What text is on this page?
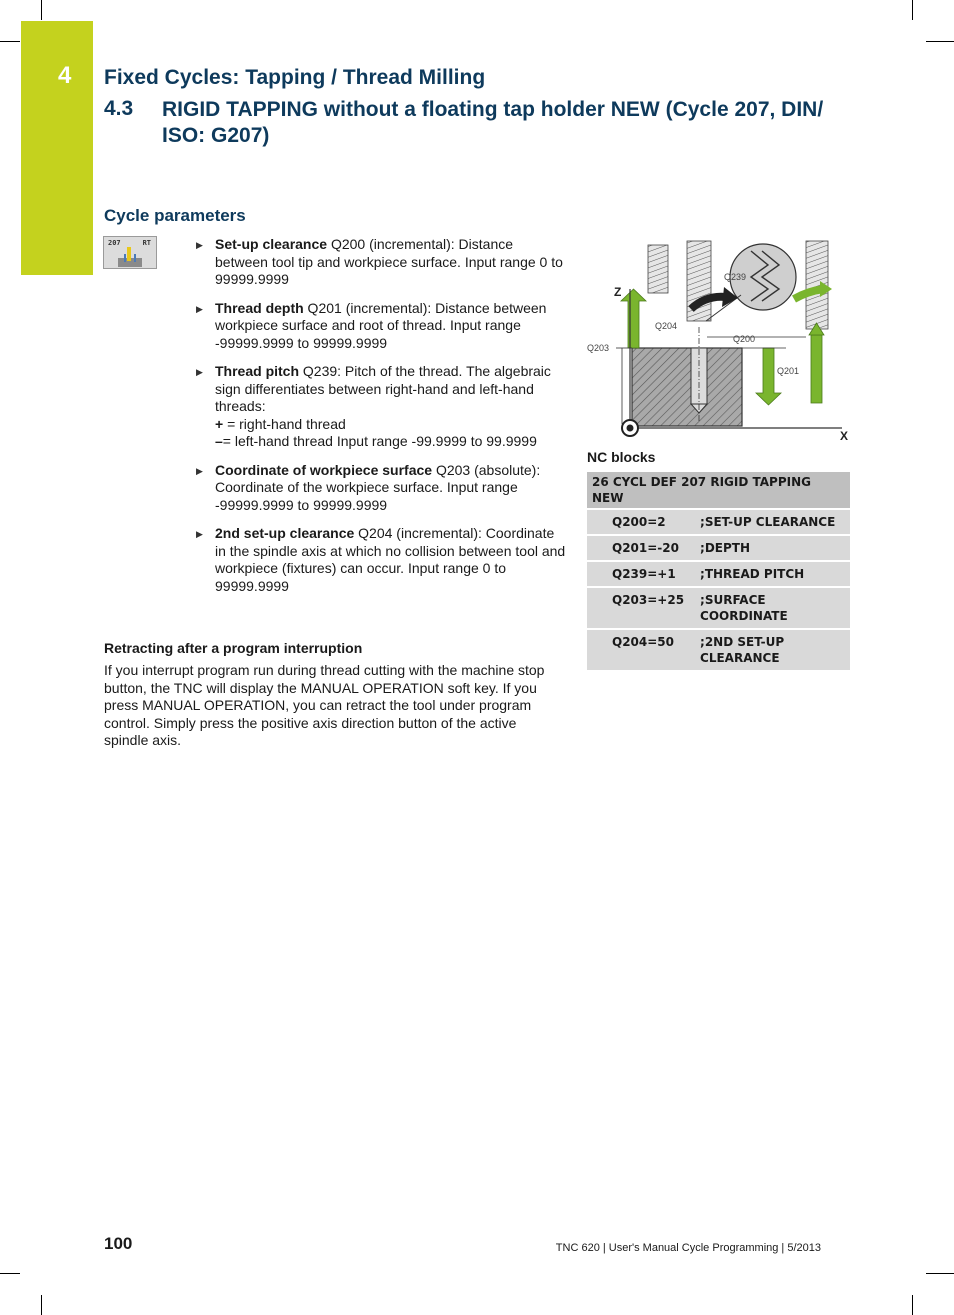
4 Fixed Cycles: Tapping / Thread Milling
4.3 RIGID TAPPING without a floating tap holder NEW (Cycle 207, DIN/ ISO: G207)
Cycle parameters
207	RT	▶ Set-up clearance Q200 (incremental): Distance between tool tip and workpiece surface. Input range 0 to 99999.9999
▶ Thread depth Q201 (incremental): Distance between workpiece surface and root of thread. Input range -99999.9999 to 99999.9999
▶ Thread pitch Q239: Pitch of the thread. The algebraic sign differentiates between right-hand and left-hand threads:
+ = right-hand thread
–= left-hand thread Input range -99.9999 to 99.9999
▶ Coordinate of workpiece surface Q203 (absolute): Coordinate of the workpiece surface. Input range -99999.9999 to 99999.9999
▶ 2nd set-up clearance Q204 (incremental): Coordinate in the spindle axis at which no collision between tool and workpiece (fixtures) can occur. Input range 0 to 99999.9999
Z
X
Q204
Q203
Q200
Q201
Q239
NC blocks
26 CYCL DEF 207 RIGID TAPPING NEW	
Q200=2	;SET-UP CLEARANCE
Q201=-20	;DEPTH
Q239=+1	;THREAD PITCH
Q203=+25	;SURFACE COORDINATE
Q204=50	;2ND SET-UP CLEARANCE
Retracting after a program interruption
If you interrupt program run during thread cutting with the machine stop button, the TNC will display the MANUAL OPERATION soft key. If you press MANUAL OPERATION, you can retract the tool under program control. Simply press the positive axis direction button of the active spindle axis.
100	TNC 620 | User's Manual Cycle Programming | 5/2013
